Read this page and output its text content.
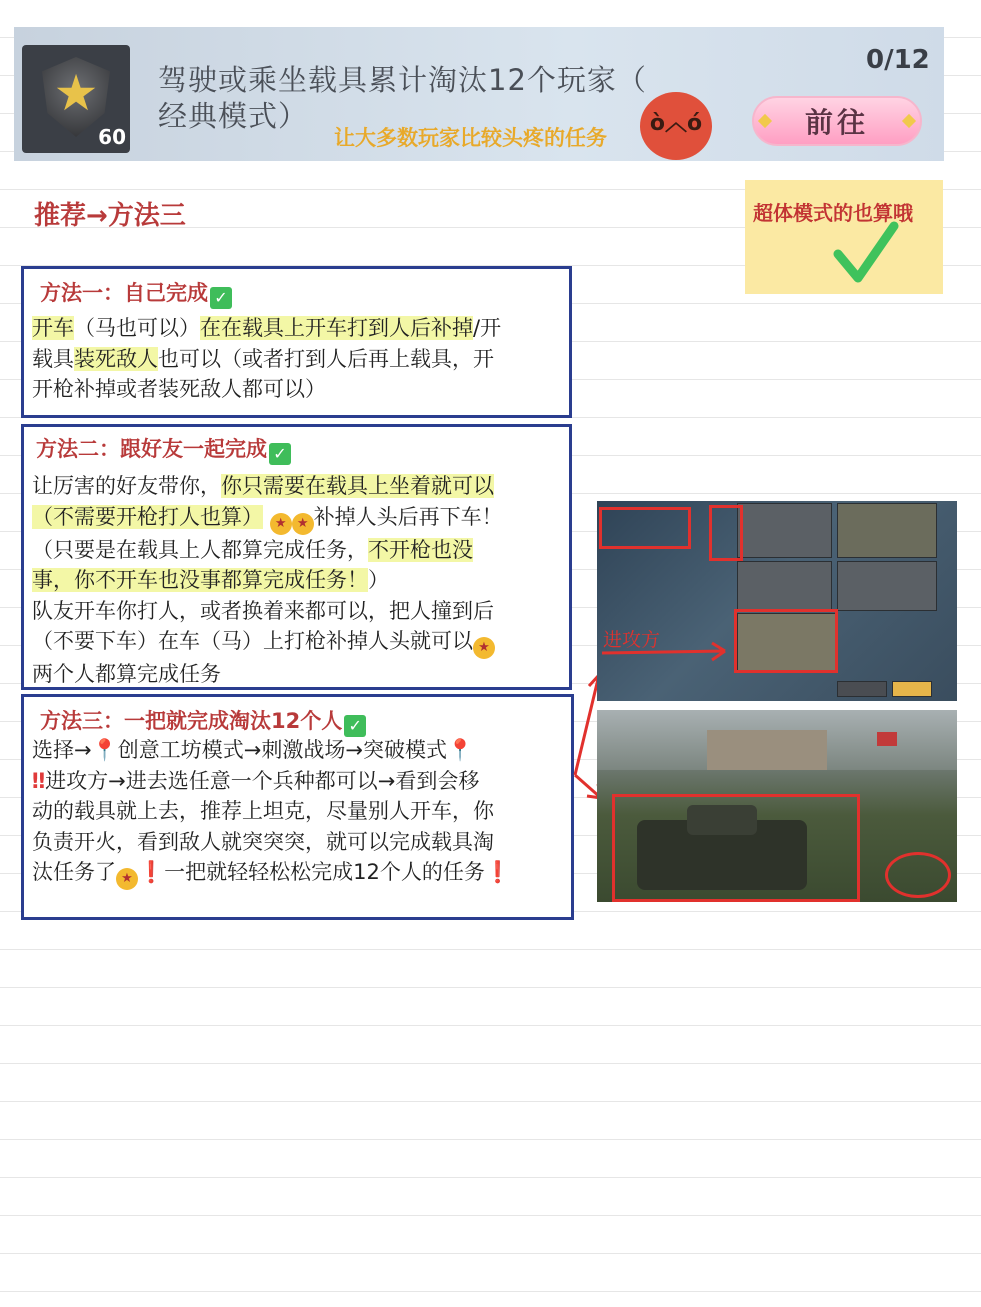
★
60
驾驶或乘坐载具累计淘汰12个玩家（
经典模式）
让大多数玩家比较头疼的任务
ò︿ó
0/12
前往
推荐→方法三	超体模式的也算哦
方法一：自己完成 ✓
开车（马也可以）在在载具上开车打到人后补掉/开
载具装死敌人也可以（或者打到人后再上载具，开
开枪补掉或者装死敌人都可以）
方法二：跟好友一起完成 ✓
让厉害的好友带你，你只需要在载具上坐着就可以
（不需要开枪打人也算） ★ ★ 补掉人头后再下车！
（只要是在载具上人都算完成任务，不开枪也没
事，你不开车也没事都算完成任务！）
队友开车你打人，或者换着来都可以，把人撞到后
（不要下车）在车（马）上打枪补掉人头就可以 ★
两个人都算完成任务
方法三：一把就完成淘汰12个人 ✓
选择→📍创意工坊模式→刺激战场→突破模式📍
‼进攻方→进去选任意一个兵种都可以→看到会移
动的载具就上去，推荐上坦克，尽量别人开车，你
负责开火，看到敌人就突突突，就可以完成载具淘
汰任务了 ★ ❗一把就轻轻松松完成12个人的任务❗
进攻方
